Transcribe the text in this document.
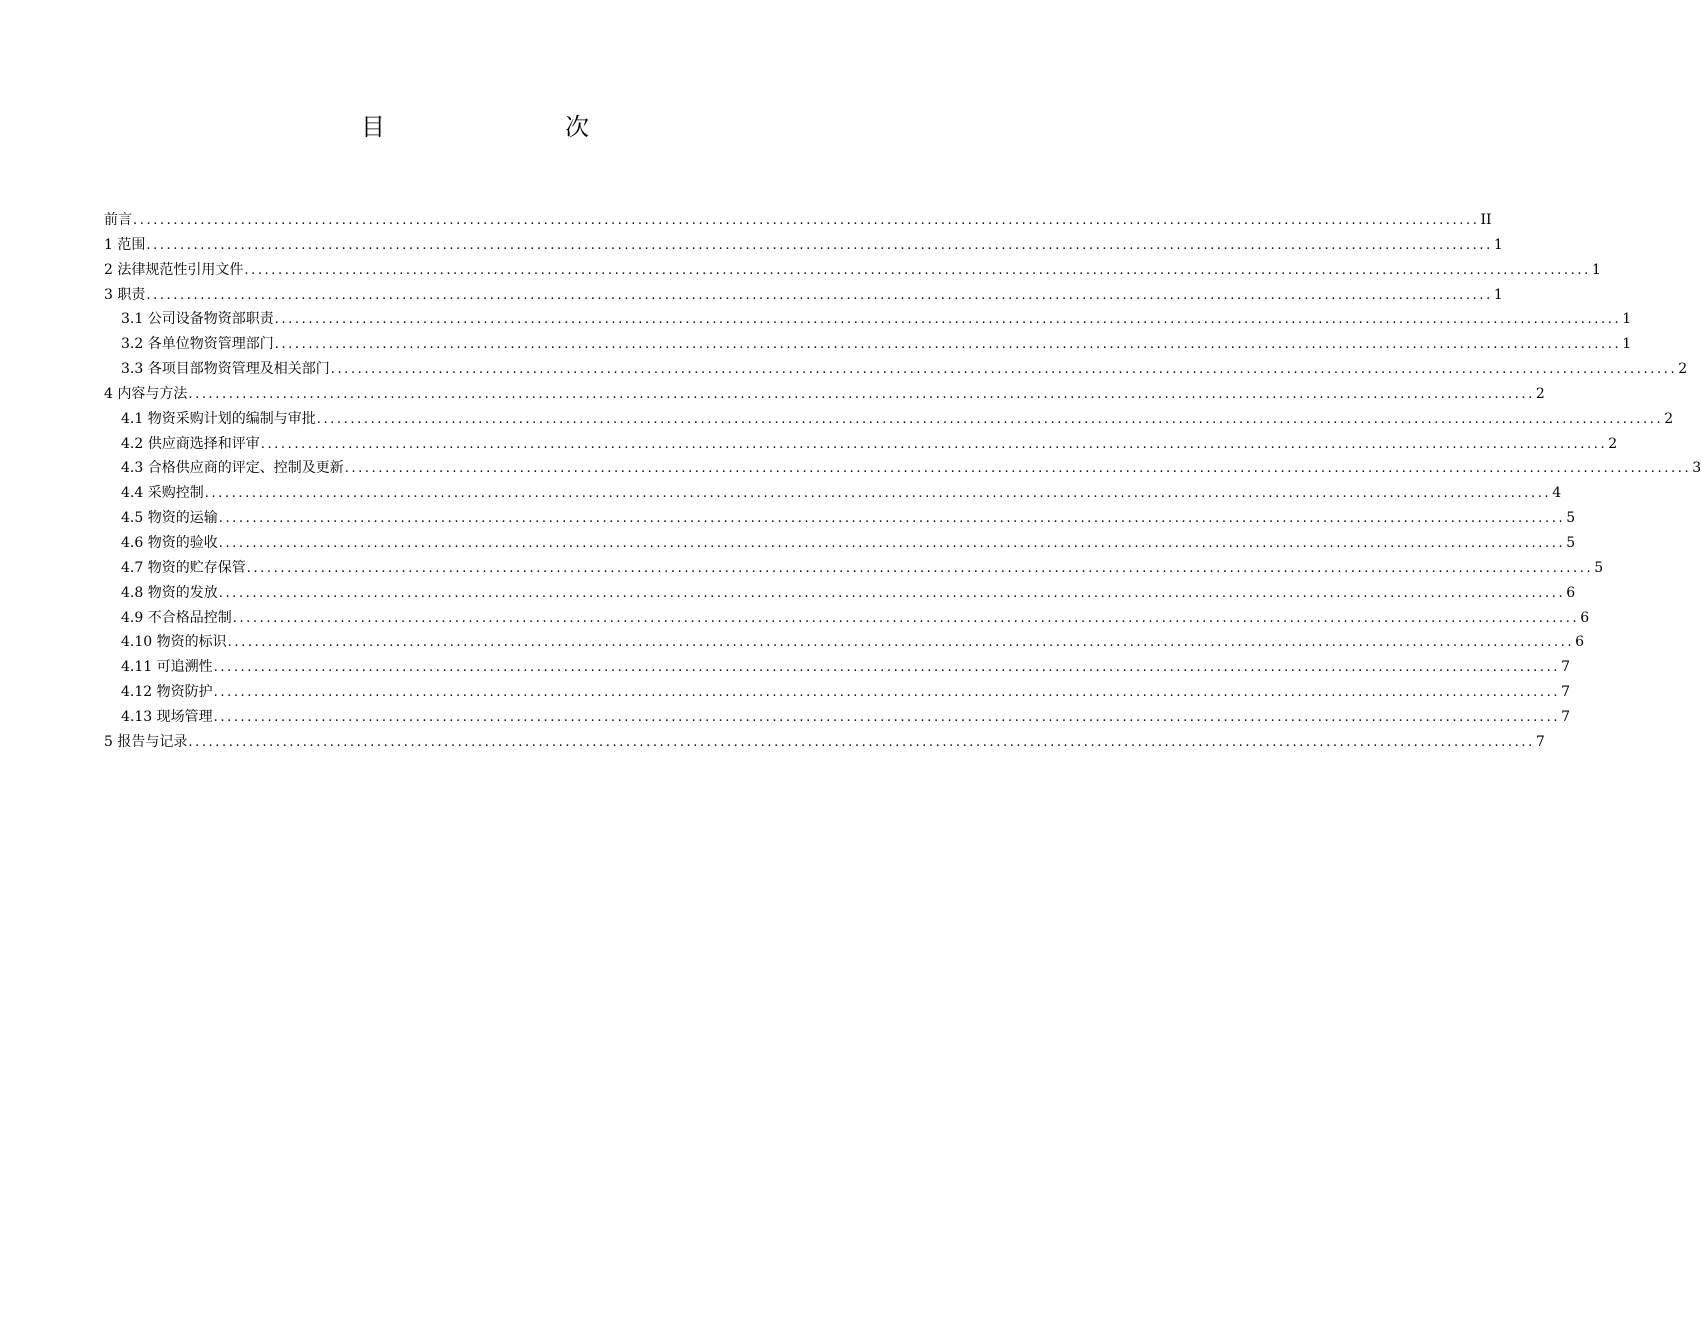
目　次
前言 ........................................................................................................................................................................................................ II
1 范围 ........................................................................................................................................................................................................ 1
2 法律规范性引用文件 ........................................................................................................................................................................................................ 1
3 职责 ........................................................................................................................................................................................................ 1
3.1 公司设备物资部职责 ........................................................................................................................................................................................................ 1
3.2 各单位物资管理部门 ........................................................................................................................................................................................................ 1
3.3 各项目部物资管理及相关部门 ........................................................................................................................................................................................................ 2
4 内容与方法 ........................................................................................................................................................................................................ 2
4.1 物资采购计划的编制与审批 ........................................................................................................................................................................................................ 2
4.2 供应商选择和评审 ........................................................................................................................................................................................................ 2
4.3 合格供应商的评定、控制及更新 ........................................................................................................................................................................................................ 3
4.4 采购控制 ........................................................................................................................................................................................................ 4
4.5 物资的运输 ........................................................................................................................................................................................................ 5
4.6 物资的验收 ........................................................................................................................................................................................................ 5
4.7 物资的贮存保管 ........................................................................................................................................................................................................ 5
4.8 物资的发放 ........................................................................................................................................................................................................ 6
4.9 不合格品控制 ........................................................................................................................................................................................................ 6
4.10 物资的标识 ........................................................................................................................................................................................................ 6
4.11 可追溯性 ........................................................................................................................................................................................................ 7
4.12 物资防护 ........................................................................................................................................................................................................ 7
4.13 现场管理 ........................................................................................................................................................................................................ 7
5 报告与记录 ........................................................................................................................................................................................................ 7
